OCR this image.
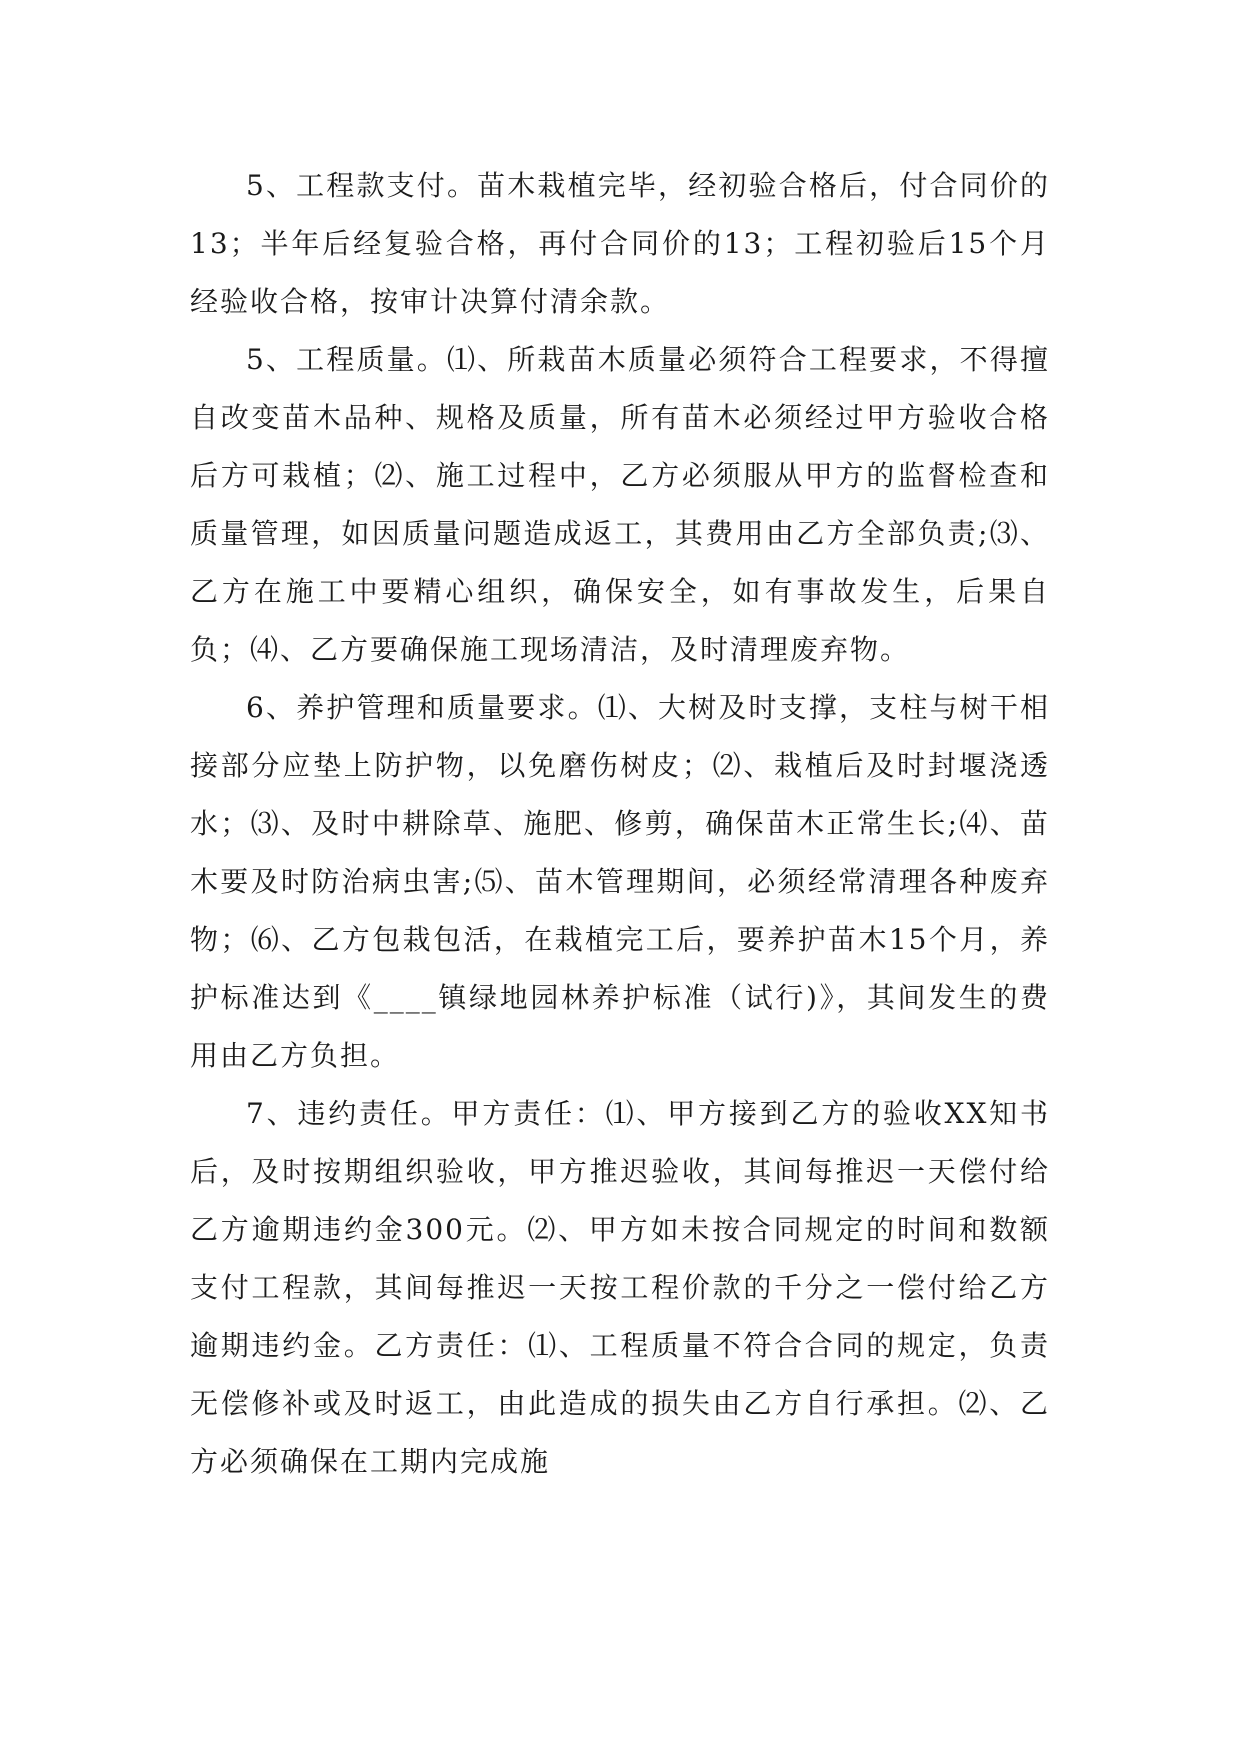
5、工程款支付。苗木栽植完毕，经初验合格后，付合同价的13；半年后经复验合格，再付合同价的13；工程初验后15个月经验收合格，按审计决算付清余款。

5、工程质量。⑴、所栽苗木质量必须符合工程要求，不得擅自改变苗木品种、规格及质量，所有苗木必须经过甲方验收合格后方可栽植；⑵、施工过程中，乙方必须服从甲方的监督检查和质量管理，如因质量问题造成返工，其费用由乙方全部负责;⑶、乙方在施工中要精心组织，确保安全，如有事故发生，后果自负；⑷、乙方要确保施工现场清洁，及时清理废弃物。

6、养护管理和质量要求。⑴、大树及时支撑，支柱与树干相接部分应垫上防护物，以免磨伤树皮；⑵、栽植后及时封堰浇透水；⑶、及时中耕除草、施肥、修剪，确保苗木正常生长;⑷、苗木要及时防治病虫害;⑸、苗木管理期间，必须经常清理各种废弃物；⑹、乙方包栽包活，在栽植完工后，要养护苗木15个月，养护标准达到《____镇绿地园林养护标准（试行)》，其间发生的费用由乙方负担。

7、违约责任。甲方责任：⑴、甲方接到乙方的验收XX知书后，及时按期组织验收，甲方推迟验收，其间每推迟一天偿付给乙方逾期违约金300元。⑵、甲方如未按合同规定的时间和数额支付工程款，其间每推迟一天按工程价款的千分之一偿付给乙方逾期违约金。乙方责任：⑴、工程质量不符合合同的规定，负责无偿修补或及时返工，由此造成的损失由乙方自行承担。⑵、乙方必须确保在工期内完成施
